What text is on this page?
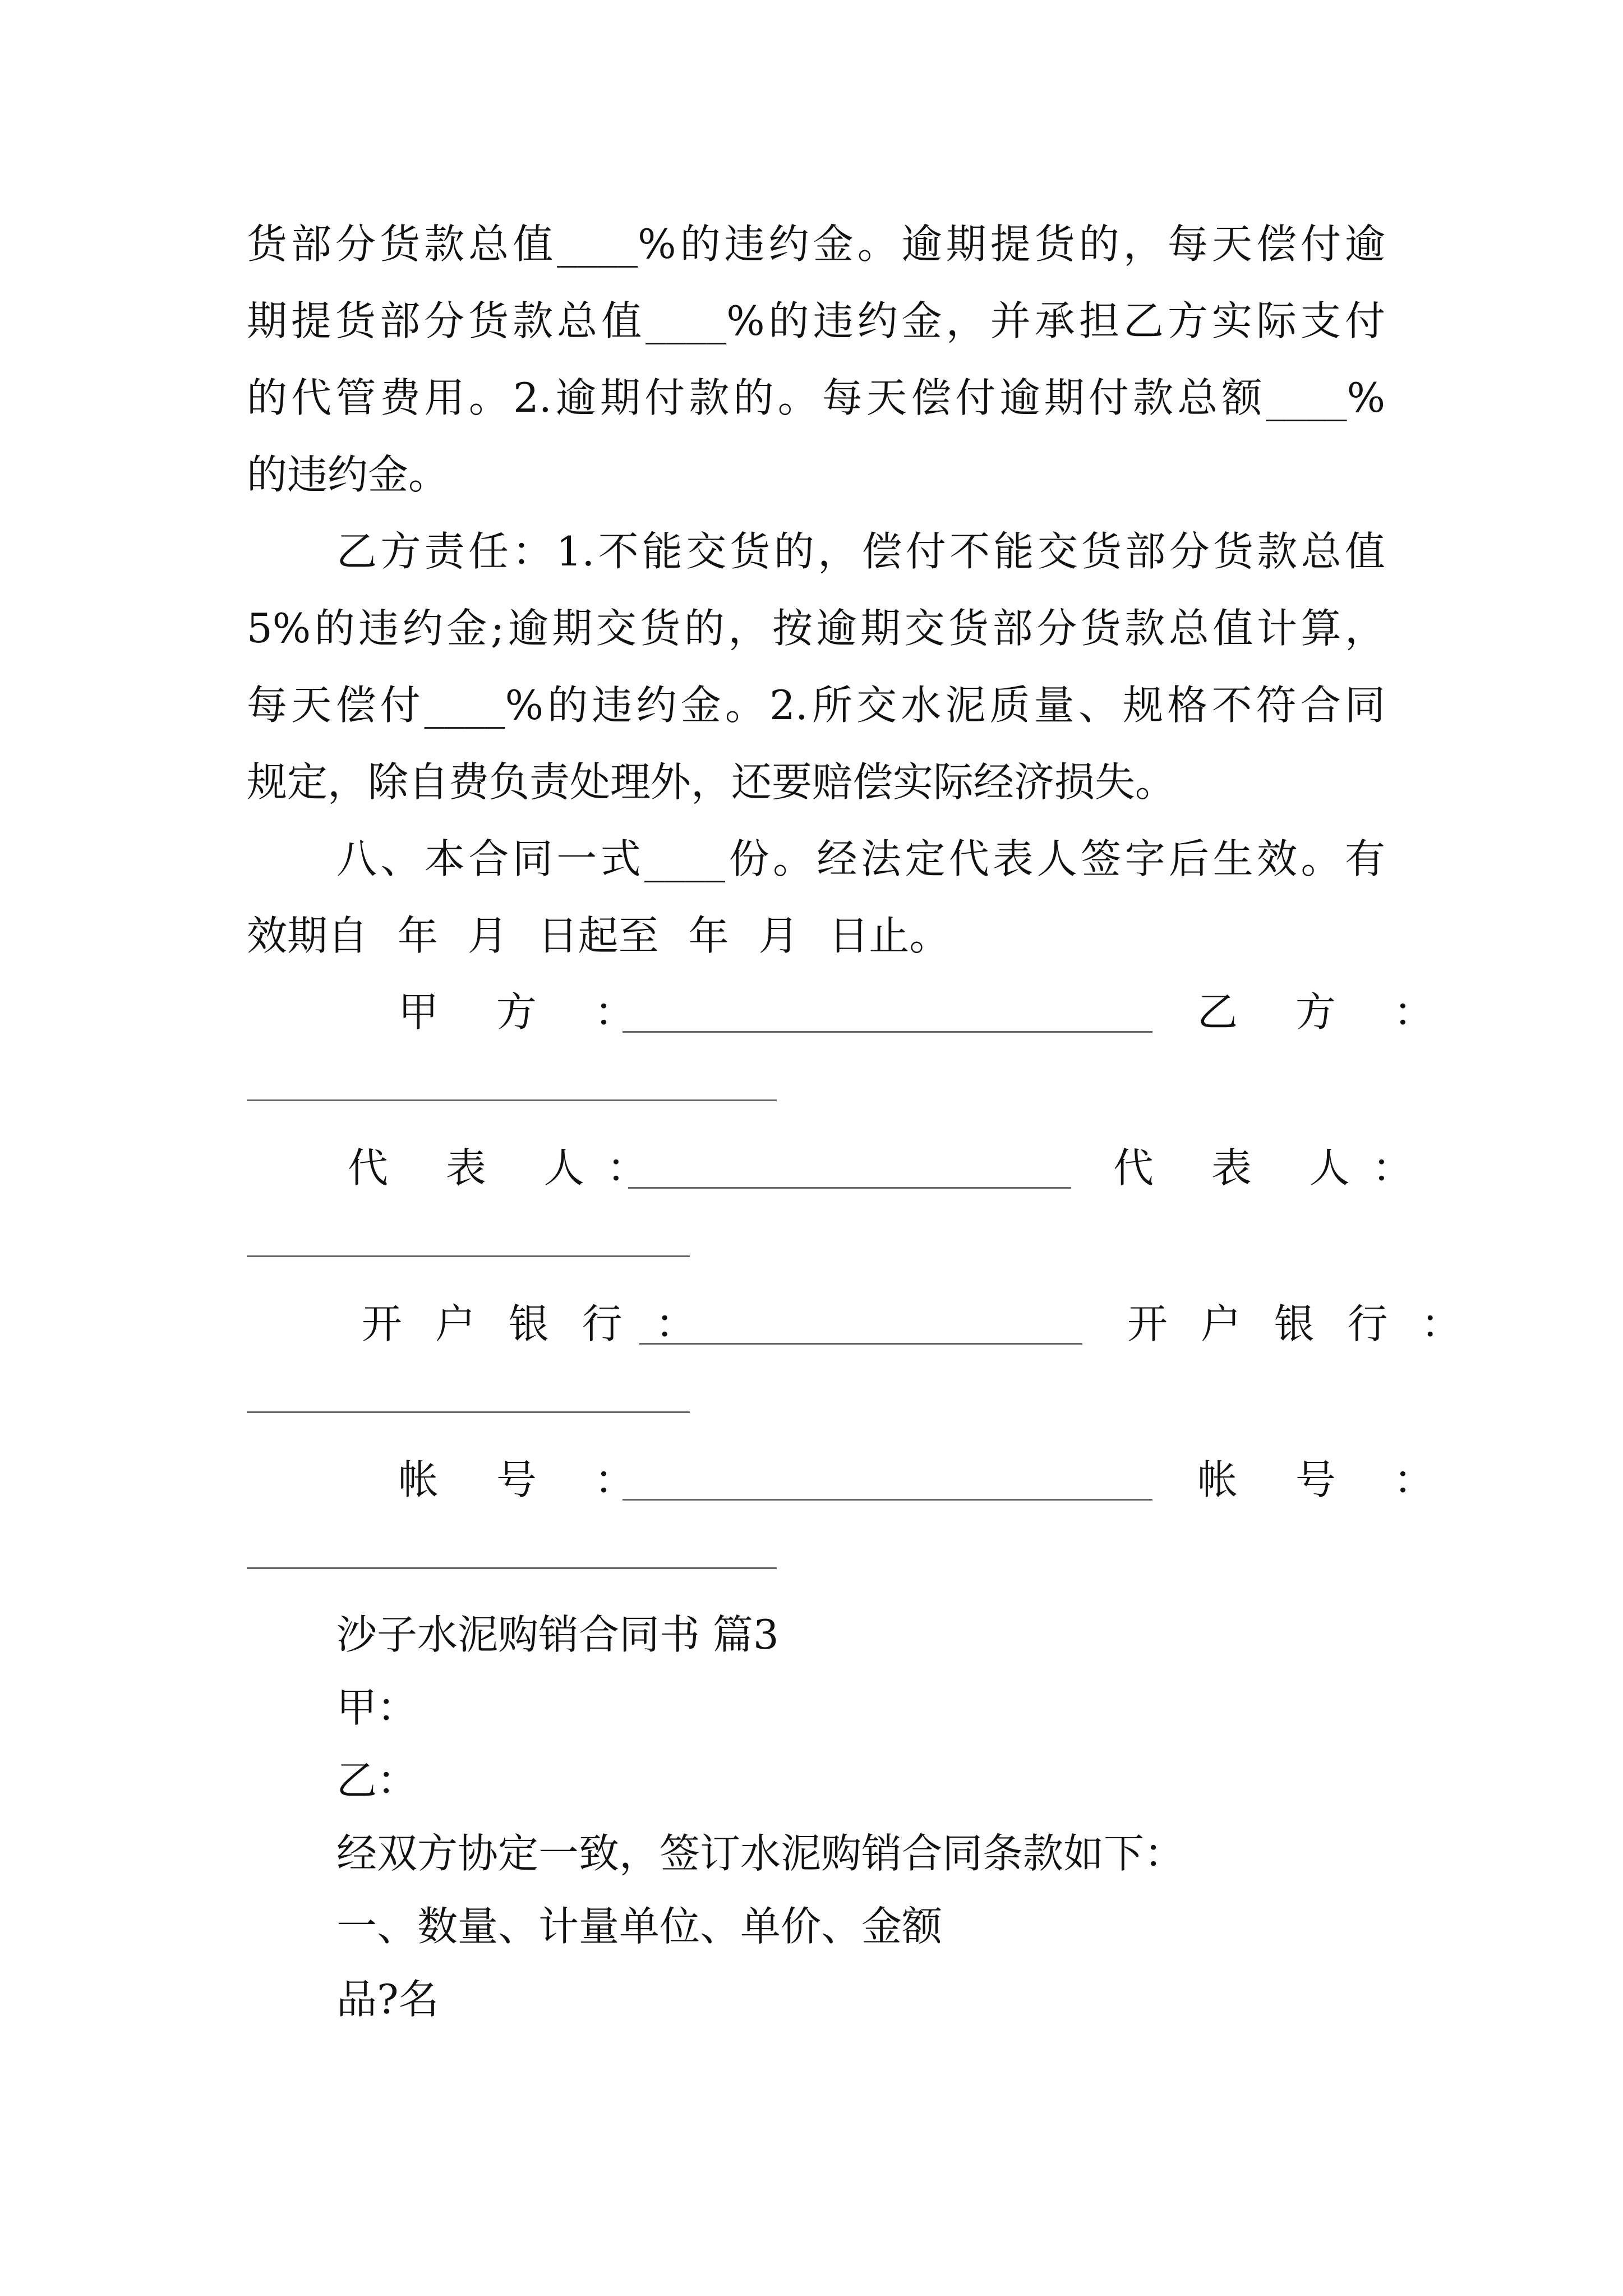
货部分货款总值____%的违约金。逾期提货的，每天偿付逾
期提货部分货款总值____%的违约金，并承担乙方实际支付
的代管费用。2.逾期付款的。每天偿付逾期付款总额____%
的违约金。
乙方责任：1.不能交货的，偿付不能交货部分货款总值
5%的违约金;逾期交货的，按逾期交货部分货款总值计算，
每天偿付____%的违约金。2.所交水泥质量、规格不符合同
规定，除自费负责处理外，还要赔偿实际经济损失。
八、本合同一式____份。经法定代表人签字后生效。有
效期自 年 月 日起至 年 月 日止。
甲 方 ：	乙 方 ：
代 表 人：	代 表 人：
开 户 银 行 ：	开 户 银 行 ：
帐 号 ：	帐 号 ：
沙子水泥购销合同书 篇3
甲：
乙：
经双方协定一致，签订水泥购销合同条款如下：
一、数量、计量单位、单价、金额
品?名
